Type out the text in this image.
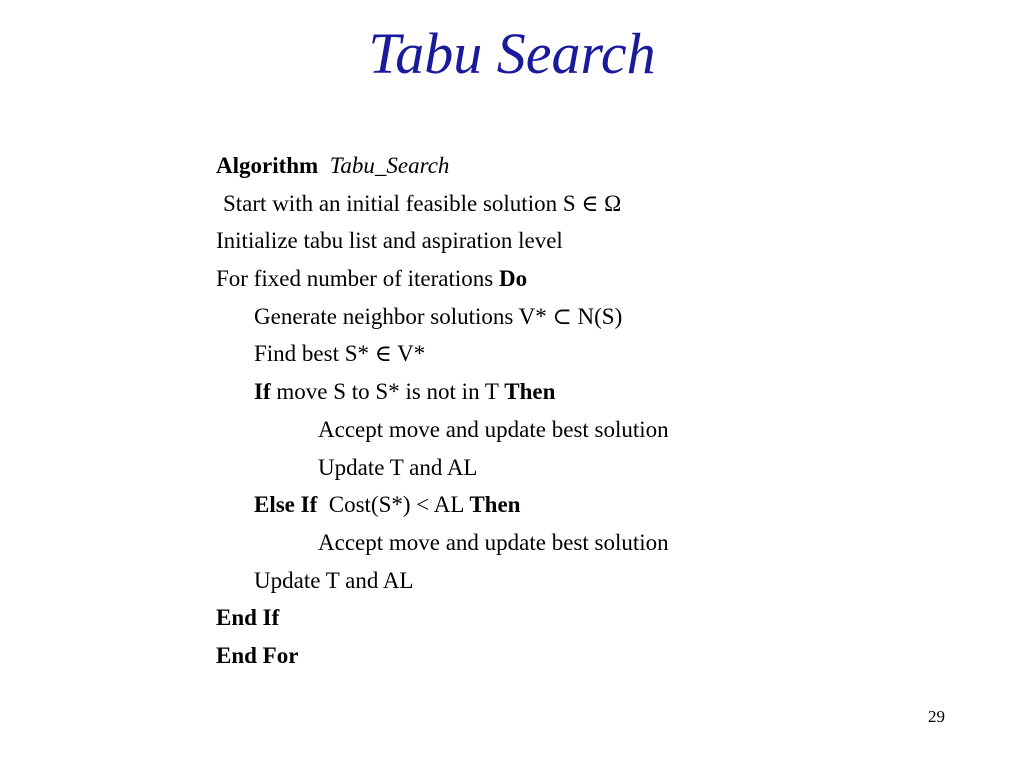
Tabu Search
Algorithm Tabu_Search
Start with an initial feasible solution S ∈ Ω
Initialize tabu list and aspiration level
For fixed number of iterations Do
Generate neighbor solutions V* ⊂ N(S)
Find best S* ∈ V*
If move S to S* is not in T Then
Accept move and update best solution
Update T and AL
Else If  Cost(S*) < AL Then
Accept move and update best solution
Update T and AL
End If
End For
29
